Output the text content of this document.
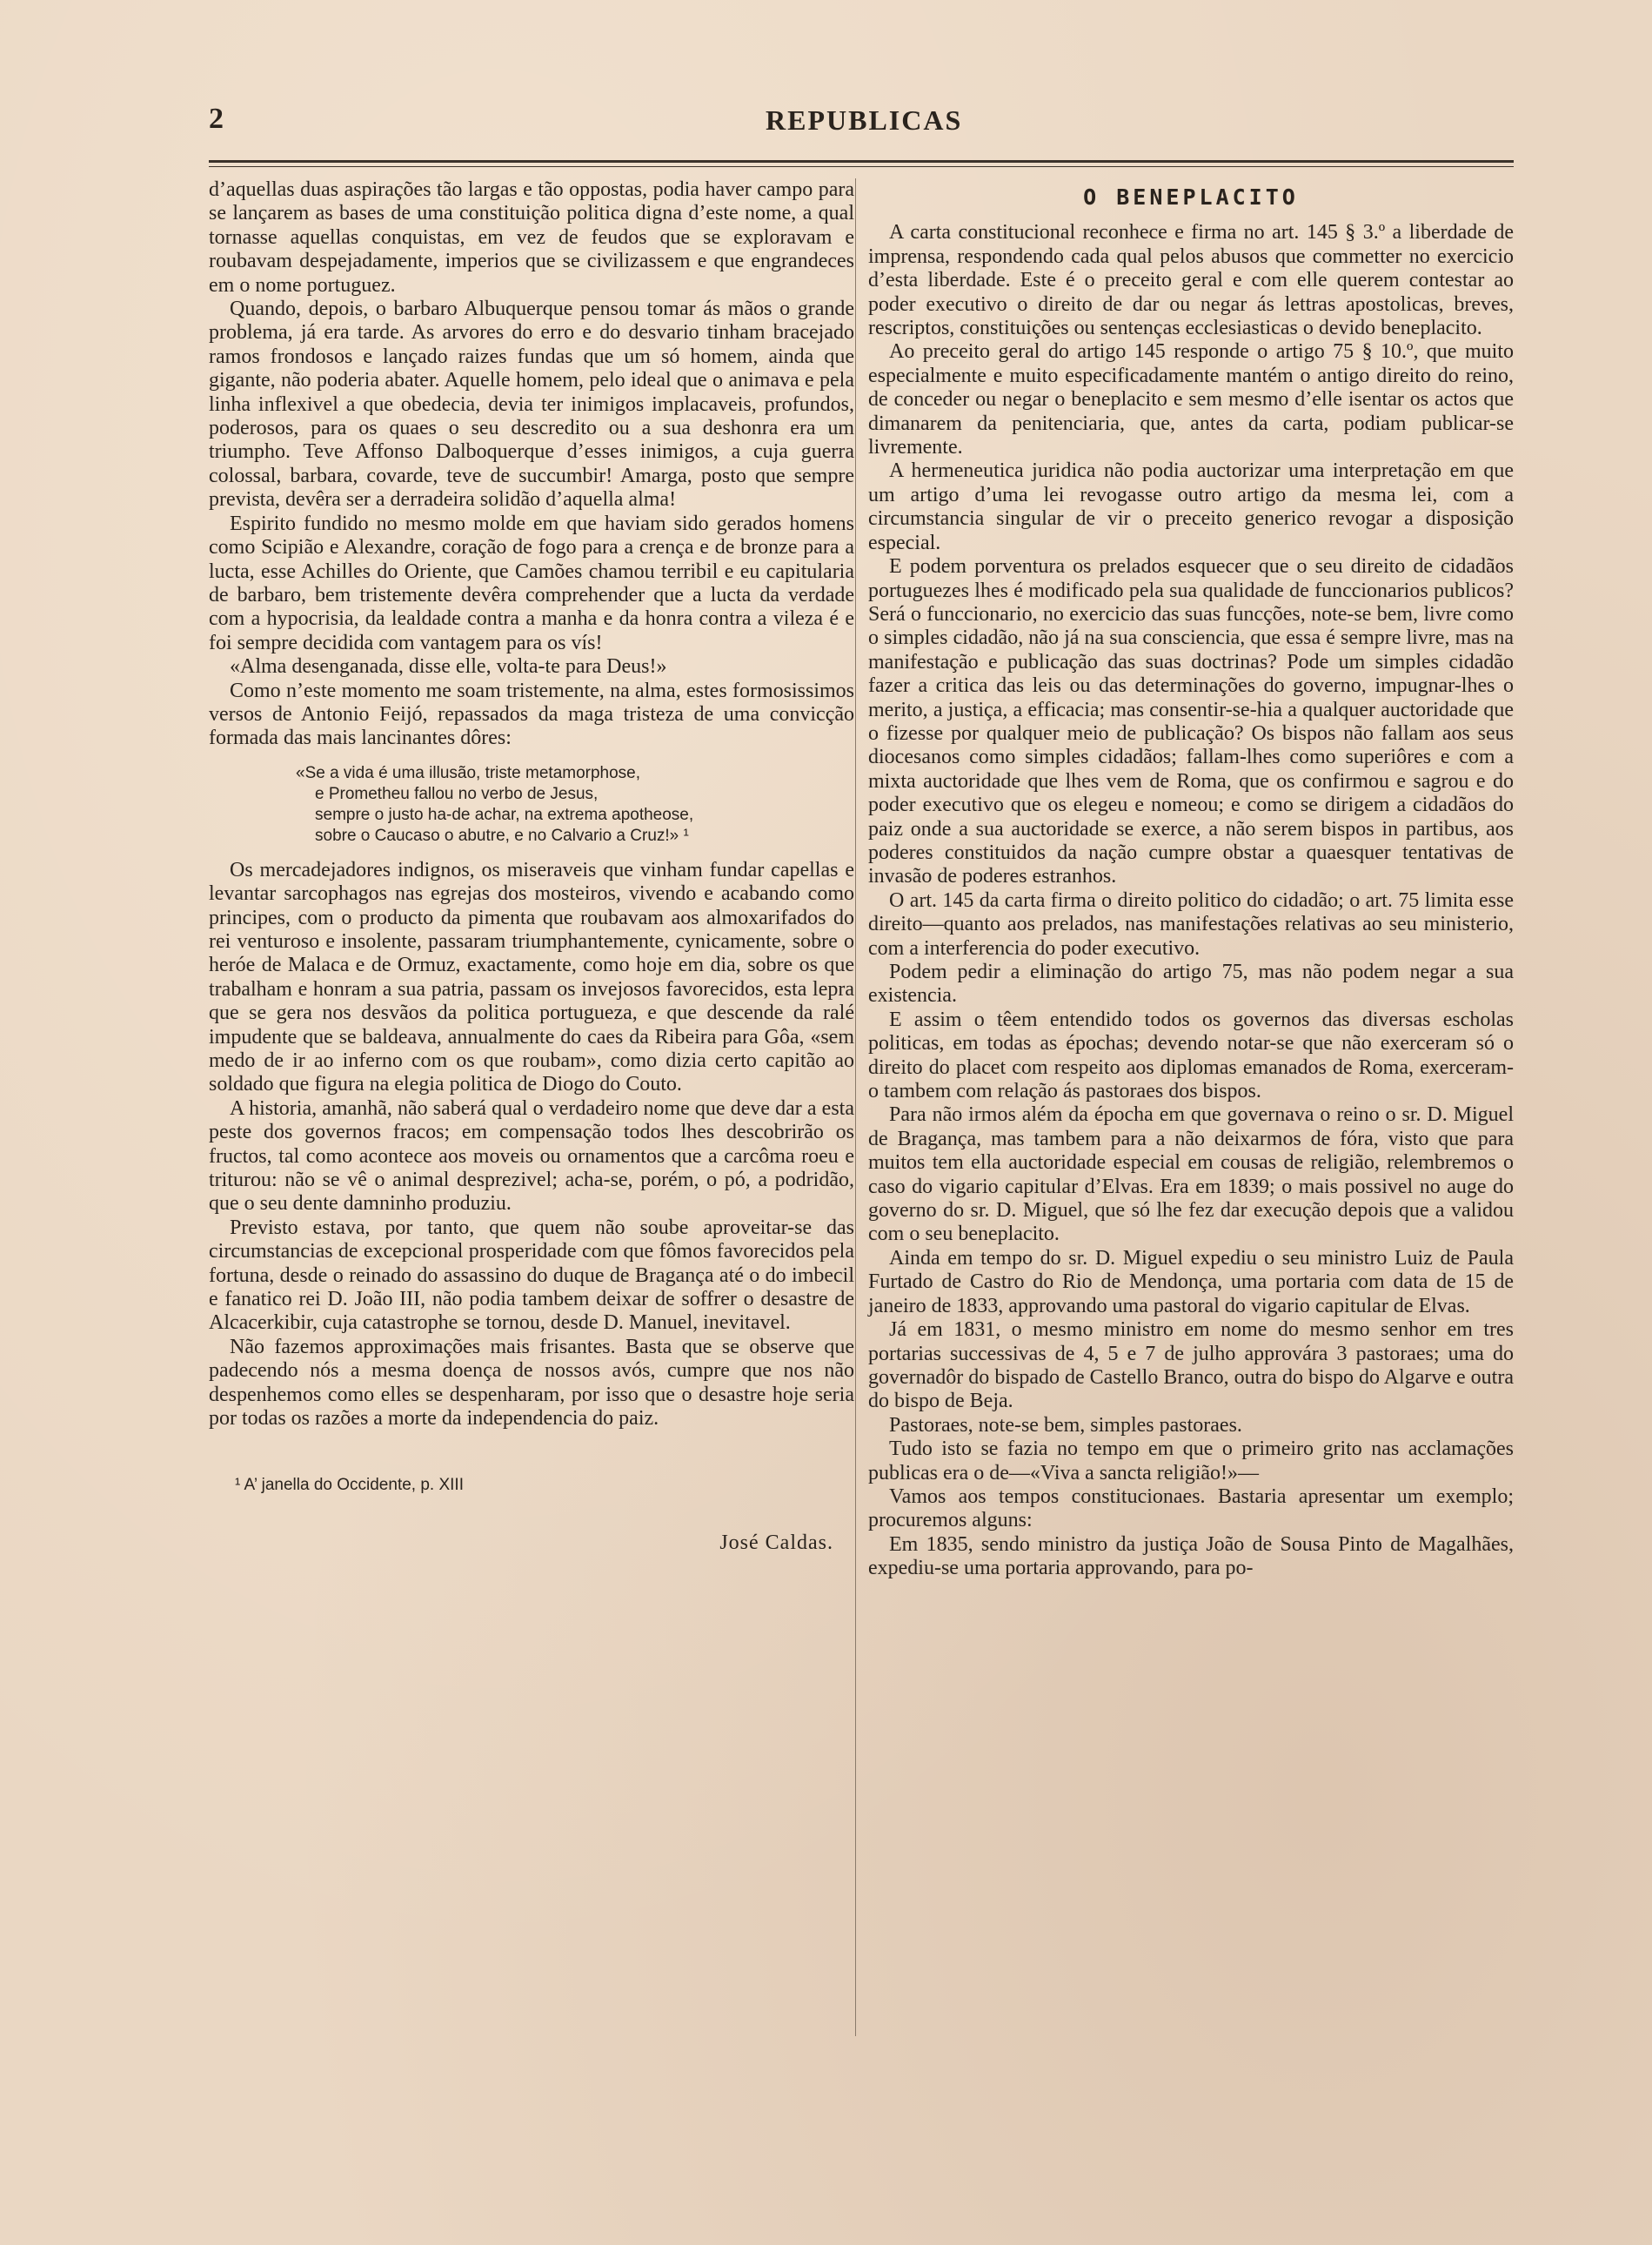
2	REPUBLICAS

d’aquellas duas aspirações tão largas e tão oppostas, podia haver campo para se lançarem as bases de uma constituição politica digna d’este nome, a qual tornasse aquellas conquistas, em vez de feudos que se exploravam e roubavam despejadamente, imperios que se civilizassem e que engrandeces em o nome portuguez.

Quando, depois, o barbaro Albuquerque pensou tomar ás mãos o grande problema, já era tarde. As arvores do erro e do desvario tinham bracejado ramos frondosos e lançado raizes fundas que um só homem, ainda que gigante, não poderia abater. Aquelle homem, pelo ideal que o animava e pela linha inflexivel a que obedecia, devia ter inimigos implacaveis, profundos, poderosos, para os quaes o seu descredito ou a sua deshonra era um triumpho. Teve Affonso Dalboquerque d’esses inimigos, a cuja guerra colossal, barbara, covarde, teve de succumbir! Amarga, posto que sempre prevista, devêra ser a derradeira solidão d’aquella alma!

Espirito fundido no mesmo molde em que haviam sido gerados homens como Scipião e Alexandre, coração de fogo para a crença e de bronze para a lucta, esse Achilles do Oriente, que Camões chamou terribil e eu capitularia de barbaro, bem tristemente devêra comprehender que a lucta da verdade com a hypocrisia, da lealdade contra a manha e da honra contra a vileza é e foi sempre decidida com vantagem para os vís!

«Alma desenganada, disse elle, volta-te para Deus!»

Como n’este momento me soam tristemente, na alma, estes formosissimos versos de Antonio Feijó, repassados da maga tristeza de uma convicção formada das mais lancinantes dôres:

«Se a vida é uma illusão, triste metamorphose,
e Prometheu fallou no verbo de Jesus,
sempre o justo ha-de achar, na extrema apotheose,
sobre o Caucaso o abutre, e no Calvario a Cruz!» ¹

Os mercadejadores indignos, os miseraveis que vinham fundar capellas e levantar sarcophagos nas egrejas dos mosteiros, vivendo e acabando como principes, com o producto da pimenta que roubavam aos almoxarifados do rei venturoso e insolente, passaram triumphantemente, cynicamente, sobre o heróe de Malaca e de Ormuz, exactamente, como hoje em dia, sobre os que trabalham e honram a sua patria, passam os invejosos favorecidos, esta lepra que se gera nos desvãos da politica portugueza, e que descende da ralé impudente que se baldeava, annualmente do caes da Ribeira para Gôa, «sem medo de ir ao inferno com os que roubam», como dizia certo capitão ao soldado que figura na elegia politica de Diogo do Couto.

A historia, amanhã, não saberá qual o verdadeiro nome que deve dar a esta peste dos governos fracos; em compensação todos lhes descobrirão os fructos, tal como acontece aos moveis ou ornamentos que a carcôma roeu e triturou: não se vê o animal desprezivel; acha-se, porém, o pó, a podridão, que o seu dente damninho produziu.

Previsto estava, por tanto, que quem não soube aproveitar-se das circumstancias de excepcional prosperidade com que fômos favorecidos pela fortuna, desde o reinado do assassino do duque de Bragança até o do imbecil e fanatico rei D. João III, não podia tambem deixar de soffrer o desastre de Alcacerkibir, cuja catastrophe se tornou, desde D. Manuel, inevitavel.

Não fazemos approximações mais frisantes. Basta que se observe que padecendo nós a mesma doença de nossos avós, cumpre que nos não despenhemos como elles se despenharam, por isso que o desastre hoje seria por todas os razões a morte da independencia do paiz.

¹ A’ janella do Occidente, p. XIII
José Caldas.
O BENEPLACITO

A carta constitucional reconhece e firma no art. 145 § 3.º a liberdade de imprensa, respondendo cada qual pelos abusos que commetter no exercicio d’esta liberdade. Este é o preceito geral e com elle querem contestar ao poder executivo o direito de dar ou negar ás lettras apostolicas, breves, rescriptos, constituições ou sentenças ecclesiasticas o devido beneplacito.

Ao preceito geral do artigo 145 responde o artigo 75 § 10.º, que muito especialmente e muito especificadamente mantém o antigo direito do reino, de conceder ou negar o beneplacito e sem mesmo d’elle isentar os actos que dimanarem da penitenciaria, que, antes da carta, podiam publicar-se livremente.

A hermeneutica juridica não podia auctorizar uma interpretação em que um artigo d’uma lei revogasse outro artigo da mesma lei, com a circumstancia singular de vir o preceito generico revogar a disposição especial.

E podem porventura os prelados esquecer que o seu direito de cidadãos portuguezes lhes é modificado pela sua qualidade de funccionarios publicos? Será o funccionario, no exercicio das suas funcções, note-se bem, livre como o simples cidadão, não já na sua consciencia, que essa é sempre livre, mas na manifestação e publicação das suas doctrinas? Pode um simples cidadão fazer a critica das leis ou das determinações do governo, impugnar-lhes o merito, a justiça, a efficacia; mas consentir-se-hia a qualquer auctoridade que o fizesse por qualquer meio de publicação? Os bispos não fallam aos seus diocesanos como simples cidadãos; fallam-lhes como superiôres e com a mixta auctoridade que lhes vem de Roma, que os confirmou e sagrou e do poder executivo que os elegeu e nomeou; e como se dirigem a cidadãos do paiz onde a sua auctoridade se exerce, a não serem bispos in partibus, aos poderes constituidos da nação cumpre obstar a quaesquer tentativas de invasão de poderes estranhos.

O art. 145 da carta firma o direito politico do cidadão; o art. 75 limita esse direito—quanto aos prelados, nas manifestações relativas ao seu ministerio, com a interferencia do poder executivo.

Podem pedir a eliminação do artigo 75, mas não podem negar a sua existencia.

E assim o têem entendido todos os governos das diversas escholas politicas, em todas as épochas; devendo notar-se que não exerceram só o direito do placet com respeito aos diplomas emanados de Roma, exerceram-o tambem com relação ás pastoraes dos bispos.

Para não irmos além da épocha em que governava o reino o sr. D. Miguel de Bragança, mas tambem para a não deixarmos de fóra, visto que para muitos tem ella auctoridade especial em cousas de religião, relembremos o caso do vigario capitular d’Elvas. Era em 1839; o mais possivel no auge do governo do sr. D. Miguel, que só lhe fez dar execução depois que a validou com o seu beneplacito.

Ainda em tempo do sr. D. Miguel expediu o seu ministro Luiz de Paula Furtado de Castro do Rio de Mendonça, uma portaria com data de 15 de janeiro de 1833, approvando uma pastoral do vigario capitular de Elvas.

Já em 1831, o mesmo ministro em nome do mesmo senhor em tres portarias successivas de 4, 5 e 7 de julho approvára 3 pastoraes; uma do governadôr do bispado de Castello Branco, outra do bispo do Algarve e outra do bispo de Beja.

Pastoraes, note-se bem, simples pastoraes.

Tudo isto se fazia no tempo em que o primeiro grito nas acclamações publicas era o de—«Viva a sancta religião!»—

Vamos aos tempos constitucionaes. Bastaria apresentar um exemplo; procuremos alguns:

Em 1835, sendo ministro da justiça João de Sousa Pinto de Magalhães, expediu-se uma portaria approvando, para po-
